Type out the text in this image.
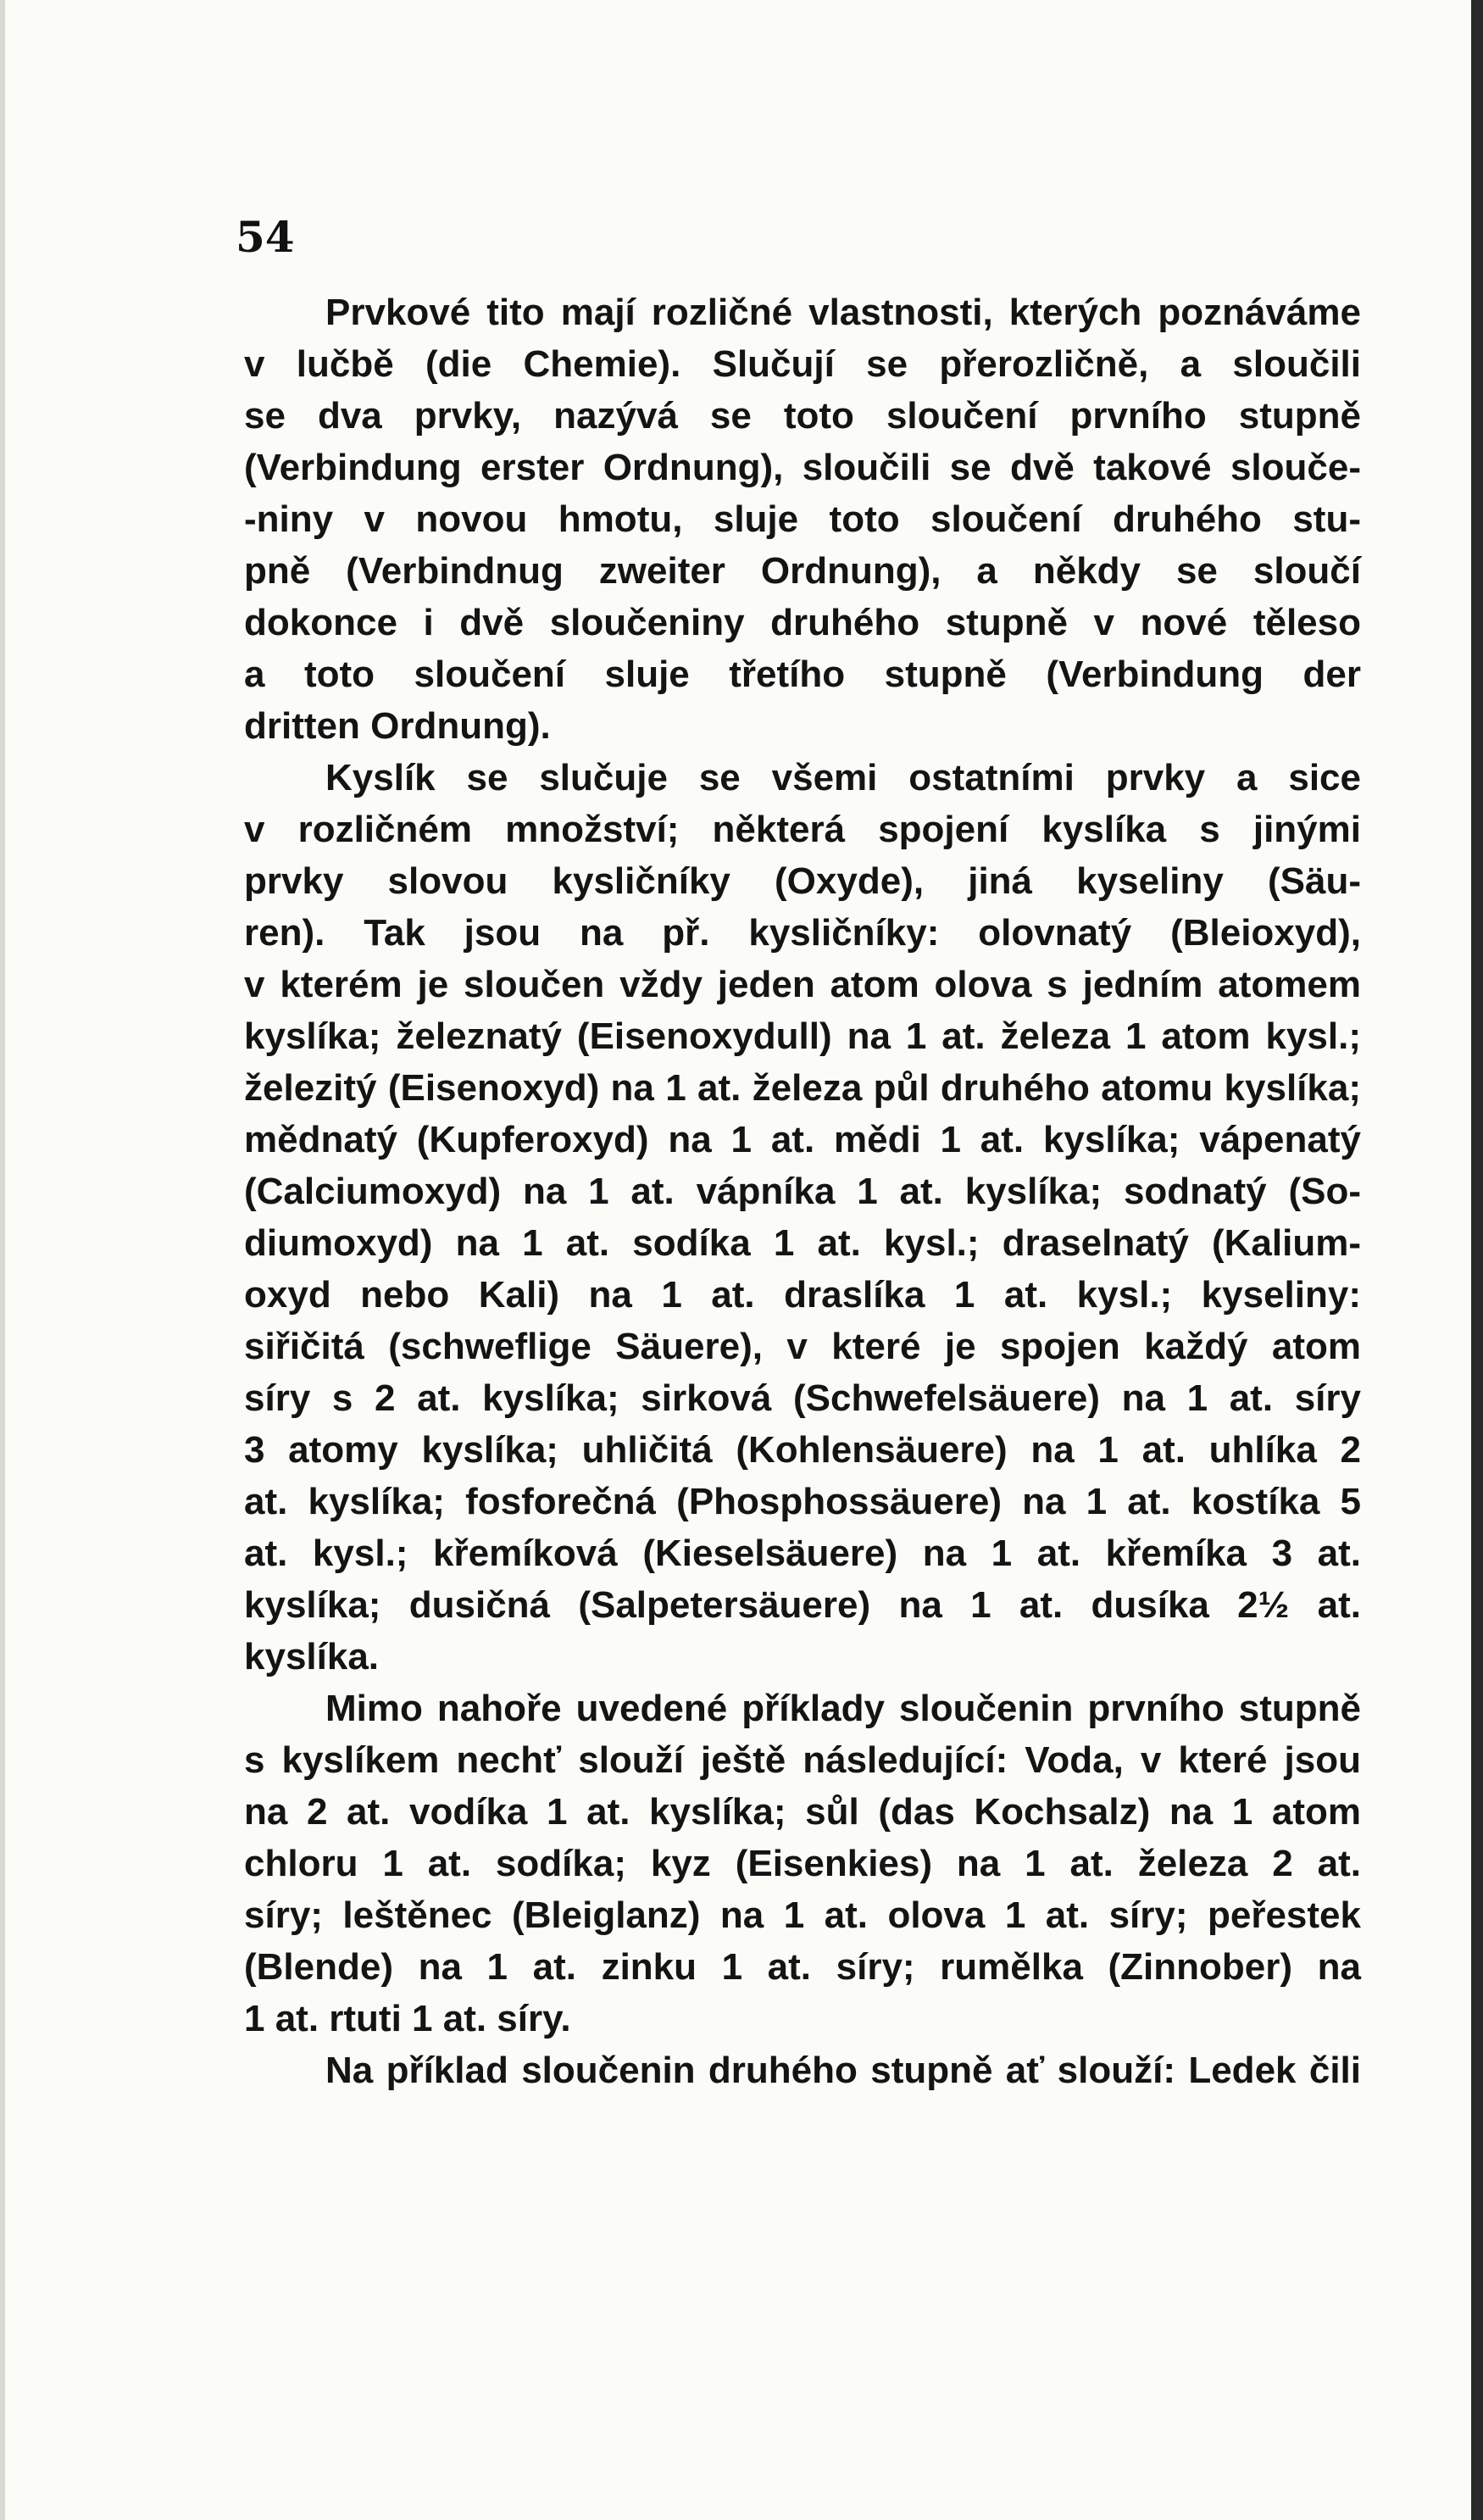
54

Prvkové tito mají rozličné vlastnosti, kterých poznáváme
v lučbě (die Chemie). Slučují se přerozličně, a sloučili
se dva prvky, nazývá se toto sloučení prvního stupně
(Verbindung erster Ordnung), sloučili se dvě takové slouče-
-niny v novou hmotu, sluje toto sloučení druhého stu-
pně (Verbindnug zweiter Ordnung), a někdy se sloučí
dokonce i dvě sloučeniny druhého stupně v nové těleso
a toto sloučení sluje třetího stupně (Verbindung der
dritten Ordnung).
Kyslík se slučuje se všemi ostatními prvky a sice
v rozličném množství; některá spojení kyslíka s jinými
prvky slovou kysličníky (Oxyde), jiná kyseliny (Säu-
ren). Tak jsou na př. kysličníky: olovnatý (Bleioxyd),
v kterém je sloučen vždy jeden atom olova s jedním atomem
kyslíka; železnatý (Eisenoxydull) na 1 at. železa 1 atom kysl.;
železitý (Eisenoxyd) na 1 at. železa půl druhého atomu kyslíka;
mědnatý (Kupferoxyd) na 1 at. mědi 1 at. kyslíka; vápenatý
(Calciumoxyd) na 1 at. vápníka 1 at. kyslíka; sodnatý (So-
diumoxyd) na 1 at. sodíka 1 at. kysl.; draselnatý (Kalium-
oxyd nebo Kali) na 1 at. draslíka 1 at. kysl.; kyseliny:
siřičitá (schweflige Säuere), v které je spojen každý atom
síry s 2 at. kyslíka; sirková (Schwefelsäuere) na 1 at. síry
3 atomy kyslíka; uhličitá (Kohlensäuere) na 1 at. uhlíka 2
at. kyslíka; fosforečná (Phosphossäuere) na 1 at. kostíka 5
at. kysl.; křemíková (Kieselsäuere) na 1 at. křemíka 3 at.
kyslíka; dusičná (Salpetersäuere) na 1 at. dusíka 2½ at.
kyslíka.
Mimo nahoře uvedené příklady sloučenin prvního stupně
s kyslíkem nechť slouží ještě následující: Voda, v které jsou
na 2 at. vodíka 1 at. kyslíka; sůl (das Kochsalz) na 1 atom
chloru 1 at. sodíka; kyz (Eisenkies) na 1 at. železa 2 at.
síry; leštěnec (Bleiglanz) na 1 at. olova 1 at. síry; peřestek
(Blende) na 1 at. zinku 1 at. síry; rumělka (Zinnober) na
1 at. rtuti 1 at. síry.
Na příklad sloučenin druhého stupně ať slouží: Ledek čili
